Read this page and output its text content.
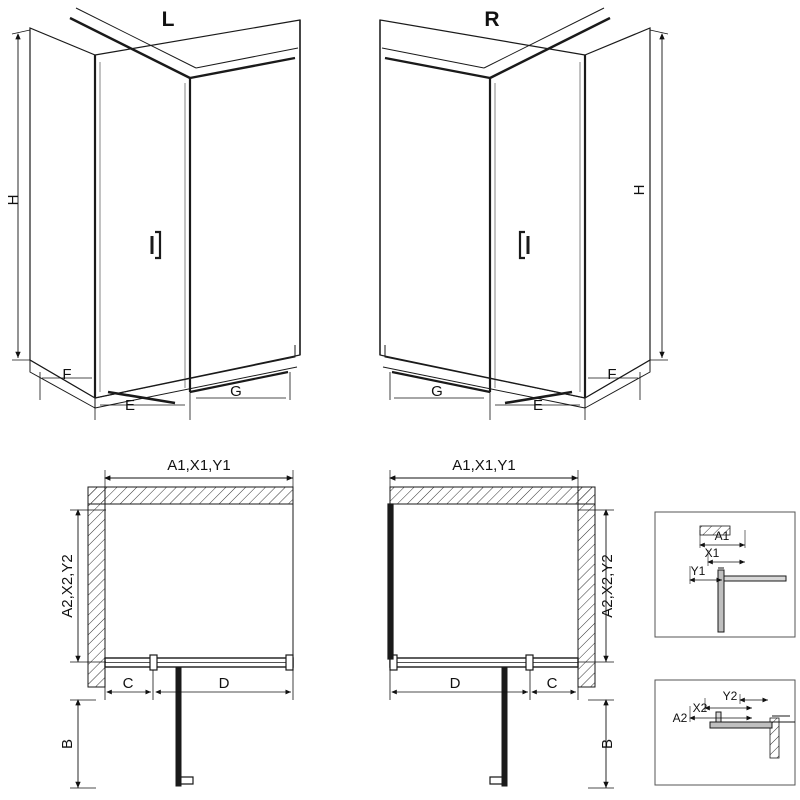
L
H
F
E
G
R
H
G
E
F
A1,X1,Y1
A2,X2,Y2
C	D
B
A1,X1,Y1
A2,X2,Y2
D	C
B
A1
X1
Y1
A2
X2
Y2
